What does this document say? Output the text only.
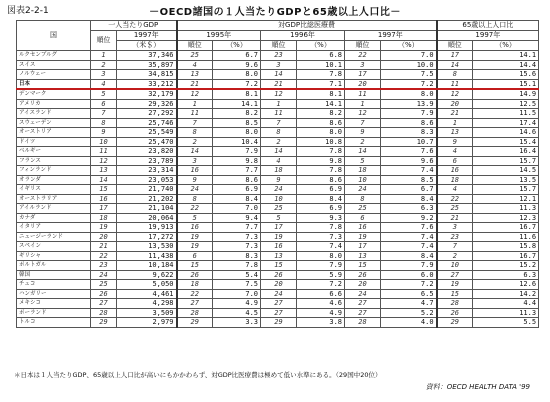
図表2-2-1	－OECD諸国の１人当たりGDPと65歳以上人口比－
国	一人当たりGDP		対GDP比総医療費						65歳以上人口比	
	順位	1997年	1995年		1996年		1997年		1997年	
		（米＄）	順位	（%）	順位	（%）	順位	（%）	順位	（%）
ルクセンブルグ	1	37,346	25	6.7	23	6.8	22	7.0	17	14.1
スイス	2	35,897	4	9.6	3	10.1	3	10.0	14	14.4
ノルウェー	3	34,815	13	8.0	14	7.8	17	7.5	8	15.6
日本	4	33,212	21	7.2	21	7.1	20	7.2	11	15.1
デンマーク	5	32,179	12	8.1	12	8.1	11	8.0	12	14.9
アメリカ	6	29,326	1	14.1	1	14.1	1	13.9	20	12.5
アイスランド	7	27,292	11	8.2	11	8.2	12	7.9	21	11.5
スウェーデン	8	25,746	7	8.5	7	8.6	7	8.6	1	17.4
オーストリア	9	25,549	8	8.0	8	8.0	9	8.3	13	14.6
ドイツ	10	25,470	2	10.4	2	10.8	2	10.7	9	15.4
ベルギー	11	23,820	14	7.9	14	7.8	14	7.6	4	16.4
フランス	12	23,789	3	9.8	4	9.8	5	9.6	6	15.7
フィンランド	13	23,314	16	7.7	18	7.8	18	7.4	16	14.5
オランダ	14	23,053	9	8.6	9	8.6	10	8.5	18	13.5
イギリス	15	21,740	24	6.9	24	6.9	24	6.7	4	15.7
オーストラリア	16	21,202	8	8.4	10	8.4	8	8.4	22	12.1
アイルランド	17	21,104	22	7.0	25	6.9	25	6.3	25	11.3
カナダ	18	20,064	5	9.4	5	9.3	6	9.2	21	12.3
イタリア	19	19,913	16	7.7	17	7.8	16	7.6	3	16.7
ニュージーランド	20	17,272	19	7.3	19	7.3	19	7.4	23	11.6
スペイン	21	13,530	19	7.3	16	7.4	17	7.4	7	15.8
ギリシャ	22	11,438	6	8.3	13	8.0	13	8.4	2	16.7
ポルトガル	23	10,184	15	7.8	15	7.9	15	7.9	10	15.2
韓国	24	9,622	26	5.4	26	5.9	26	6.0	27	6.3
チェコ	25	5,050	18	7.5	20	7.2	20	7.2	19	12.6
ハンガリー	26	4,461	22	7.0	24	6.6	24	6.5	15	14.2
メキシコ	27	4,298	27	4.9	27	4.6	27	4.7	28	4.4
ポーランド	28	3,509	28	4.5	27	4.9	27	5.2	26	11.3
トルコ	29	2,979	29	3.3	29	3.8	28	4.0	29	5.5
＊日本は１人当たりGDP、65歳以上人口比が高いにもかかわらず、対GDP比医療費は極めて低い水準にある。（29国中20位）
資料：OECD HEALTH DATA '99
